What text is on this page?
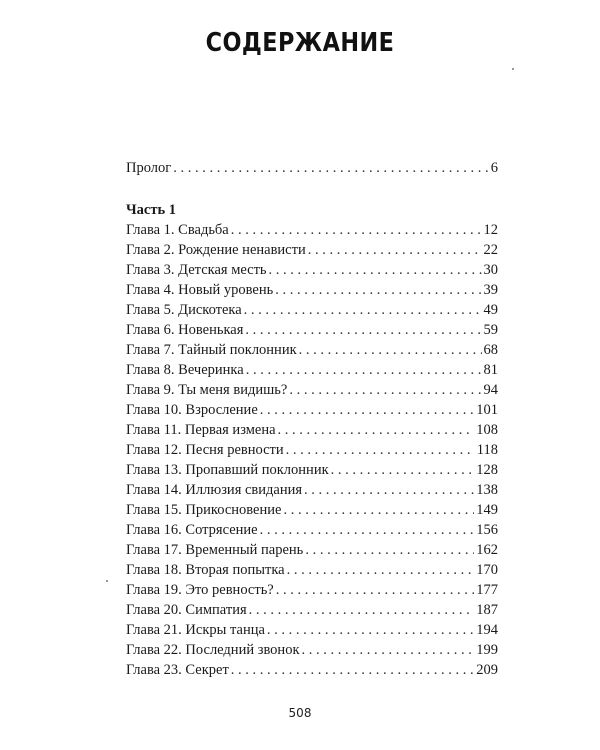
СОДЕРЖАНИЕ
Пролог . . .	6
Часть 1
Глава 1. Свадьба . . .	12
Глава 2. Рождение ненависти . . .	22
Глава 3. Детская месть . . .	30
Глава 4. Новый уровень . . .	39
Глава 5. Дискотека . . .	49
Глава 6. Новенькая . . .	59
Глава 7. Тайный поклонник . . .	68
Глава 8. Вечеринка . . .	81
Глава 9. Ты меня видишь? . . .	94
Глава 10. Взросление . . .	101
Глава 11. Первая измена . . .	108
Глава 12. Песня ревности . . .	118
Глава 13. Пропавший поклонник . . .	128
Глава 14. Иллюзия свидания . . .	138
Глава 15. Прикосновение . . .	149
Глава 16. Сотрясение . . .	156
Глава 17. Временный парень . . .	162
Глава 18. Вторая попытка . . .	170
Глава 19. Это ревность? . . .	177
Глава 20. Симпатия . . .	187
Глава 21. Искры танца . . .	194
Глава 22. Последний звонок . . .	199
Глава 23. Секрет . . .	209
508
